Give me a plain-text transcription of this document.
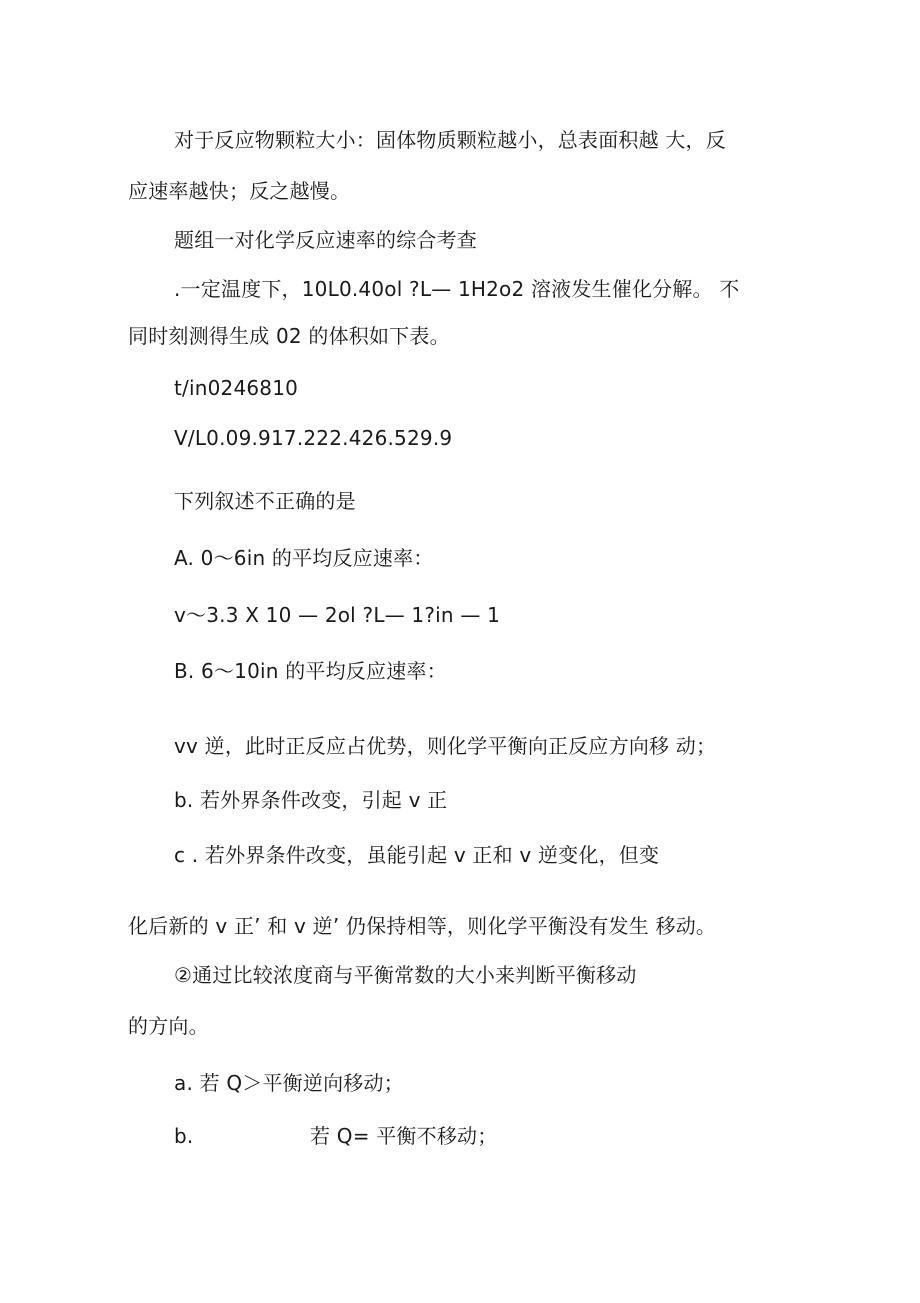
对于反应物颗粒大小：固体物质颗粒越小，总表面积越 大，反
应速率越快；反之越慢。
题组一对化学反应速率的综合考查
.一定温度下，10L0.40ol ?L— 1H2o2 溶液发生催化分解。 不
同时刻测得生成 02 的体积如下表。
t/in0246810
V/L0.09.917.222.426.529.9
下列叙述不正确的是
A. 0～6in 的平均反应速率：
v～3.3 X 10 — 2ol ?L— 1?in — 1
B. 6～10in 的平均反应速率：
vv 逆，此时正反应占优势，则化学平衡向正反应方向移 动；
b. 若外界条件改变，引起 v 正
c . 若外界条件改变，虽能引起 v 正和 v 逆变化，但变
化后新的 v 正’ 和 v 逆’ 仍保持相等，则化学平衡没有发生 移动。
②通过比较浓度商与平衡常数的大小来判断平衡移动
的方向。
a. 若 Q＞平衡逆向移动；
b.	若 Q= 平衡不移动；
